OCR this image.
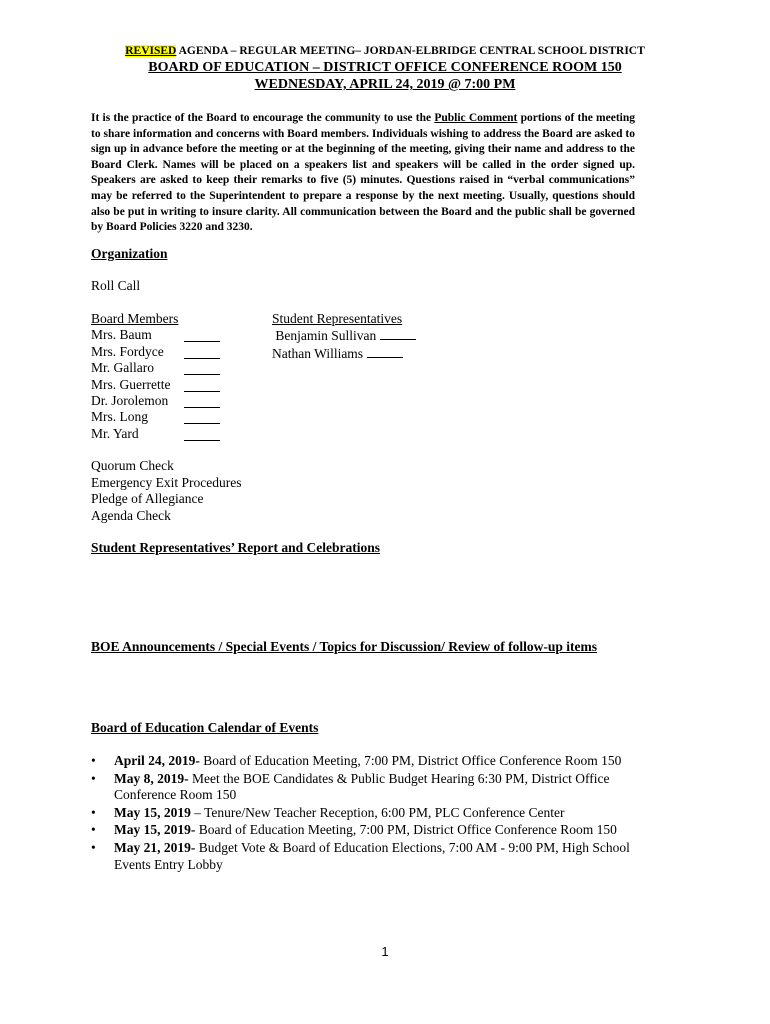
REVISED AGENDA – REGULAR MEETING– JORDAN-ELBRIDGE CENTRAL SCHOOL DISTRICT
BOARD OF EDUCATION – DISTRICT OFFICE CONFERENCE ROOM 150
WEDNESDAY, APRIL 24, 2019 @ 7:00 PM
It is the practice of the Board to encourage the community to use the Public Comment portions of the meeting to share information and concerns with Board members. Individuals wishing to address the Board are asked to sign up in advance before the meeting or at the beginning of the meeting, giving their name and address to the Board Clerk. Names will be placed on a speakers list and speakers will be called in the order signed up. Speakers are asked to keep their remarks to five (5) minutes. Questions raised in “verbal communications” may be referred to the Superintendent to prepare a response by the next meeting. Usually, questions should also be put in writing to insure clarity. All communication between the Board and the public shall be governed by Board Policies 3220 and 3230.
Organization
Roll Call
Board Members
Mrs. Baum
Mrs. Fordyce
Mr. Gallaro
Mrs. Guerrette
Dr. Jorolemon
Mrs. Long
Mr. Yard
Student Representatives
Benjamin Sullivan
Nathan Williams
Quorum Check
Emergency Exit Procedures
Pledge of Allegiance
Agenda Check
Student Representatives’ Report and Celebrations
BOE Announcements / Special Events / Topics for Discussion/ Review of follow-up items
Board of Education Calendar of Events
• April 24, 2019- Board of Education Meeting, 7:00 PM, District Office Conference Room 150
• May 8, 2019- Meet the BOE Candidates & Public Budget Hearing 6:30 PM, District Office Conference Room 150
• May 15, 2019 – Tenure/New Teacher Reception, 6:00 PM, PLC Conference Center
• May 15, 2019- Board of Education Meeting, 7:00 PM, District Office Conference Room 150
• May 21, 2019- Budget Vote & Board of Education Elections, 7:00 AM - 9:00 PM, High School Events Entry Lobby
1
